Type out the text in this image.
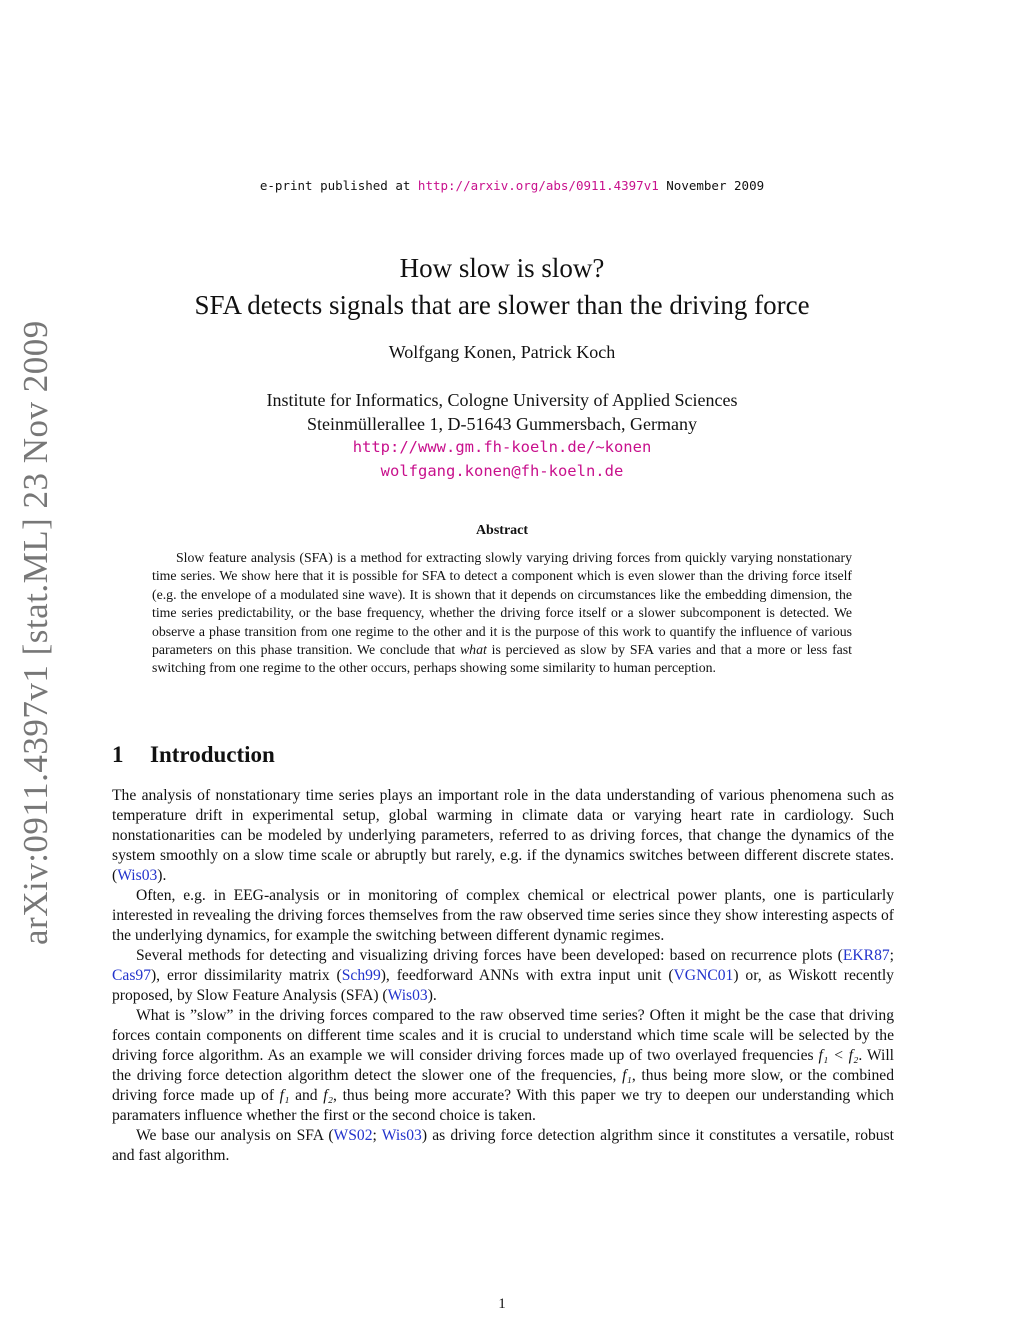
e-print published at http://arxiv.org/abs/0911.4397v1 November 2009
How slow is slow?
SFA detects signals that are slower than the driving force
Wolfgang Konen, Patrick Koch
Institute for Informatics, Cologne University of Applied Sciences
Steinmüllerallee 1, D-51643 Gummersbach, Germany
http://www.gm.fh-koeln.de/~konen
wolfgang.konen@fh-koeln.de
Abstract

Slow feature analysis (SFA) is a method for extracting slowly varying driving forces from quickly varying nonstationary time series. We show here that it is possible for SFA to detect a component which is even slower than the driving force itself (e.g. the envelope of a modulated sine wave). It is shown that it depends on circumstances like the embedding dimension, the time series predictability, or the base frequency, whether the driving force itself or a slower subcomponent is detected. We observe a phase transition from one regime to the other and it is the purpose of this work to quantify the influence of various parameters on this phase transition. We conclude that what is percieved as slow by SFA varies and that a more or less fast switching from one regime to the other occurs, perhaps showing some similarity to human perception.

1 Introduction

The analysis of nonstationary time series plays an important role in the data understanding of various phenomena such as temperature drift in experimental setup, global warming in climate data or varying heart rate in cardiology. Such nonstationarities can be modeled by underlying parameters, referred to as driving forces, that change the dynamics of the system smoothly on a slow time scale or abruptly but rarely, e.g. if the dynamics switches between different discrete states. (Wis03).

Often, e.g. in EEG-analysis or in monitoring of complex chemical or electrical power plants, one is particularly interested in revealing the driving forces themselves from the raw observed time series since they show interesting aspects of the underlying dynamics, for example the switching between different dynamic regimes.

Several methods for detecting and visualizing driving forces have been developed: based on recurrence plots (EKR87; Cas97), error dissimilarity matrix (Sch99), feedforward ANNs with extra input unit (VGNC01) or, as Wiskott recently proposed, by Slow Feature Analysis (SFA) (Wis03).

What is ”slow” in the driving forces compared to the raw observed time series? Often it might be the case that driving forces contain components on different time scales and it is crucial to understand which time scale will be selected by the driving force algorithm. As an example we will consider driving forces made up of two overlayed frequencies f₁ < f₂. Will the driving force detection algorithm detect the slower one of the frequencies, f₁, thus being more slow, or the combined driving force made up of f₁ and f₂, thus being more accurate? With this paper we try to deepen our understanding which paramaters influence whether the first or the second choice is taken.

We base our analysis on SFA (WS02; Wis03) as driving force detection algrithm since it constitutes a versatile, robust and fast algorithm.

arXiv:0911.4397v1 [stat.ML] 23 Nov 2009
1
